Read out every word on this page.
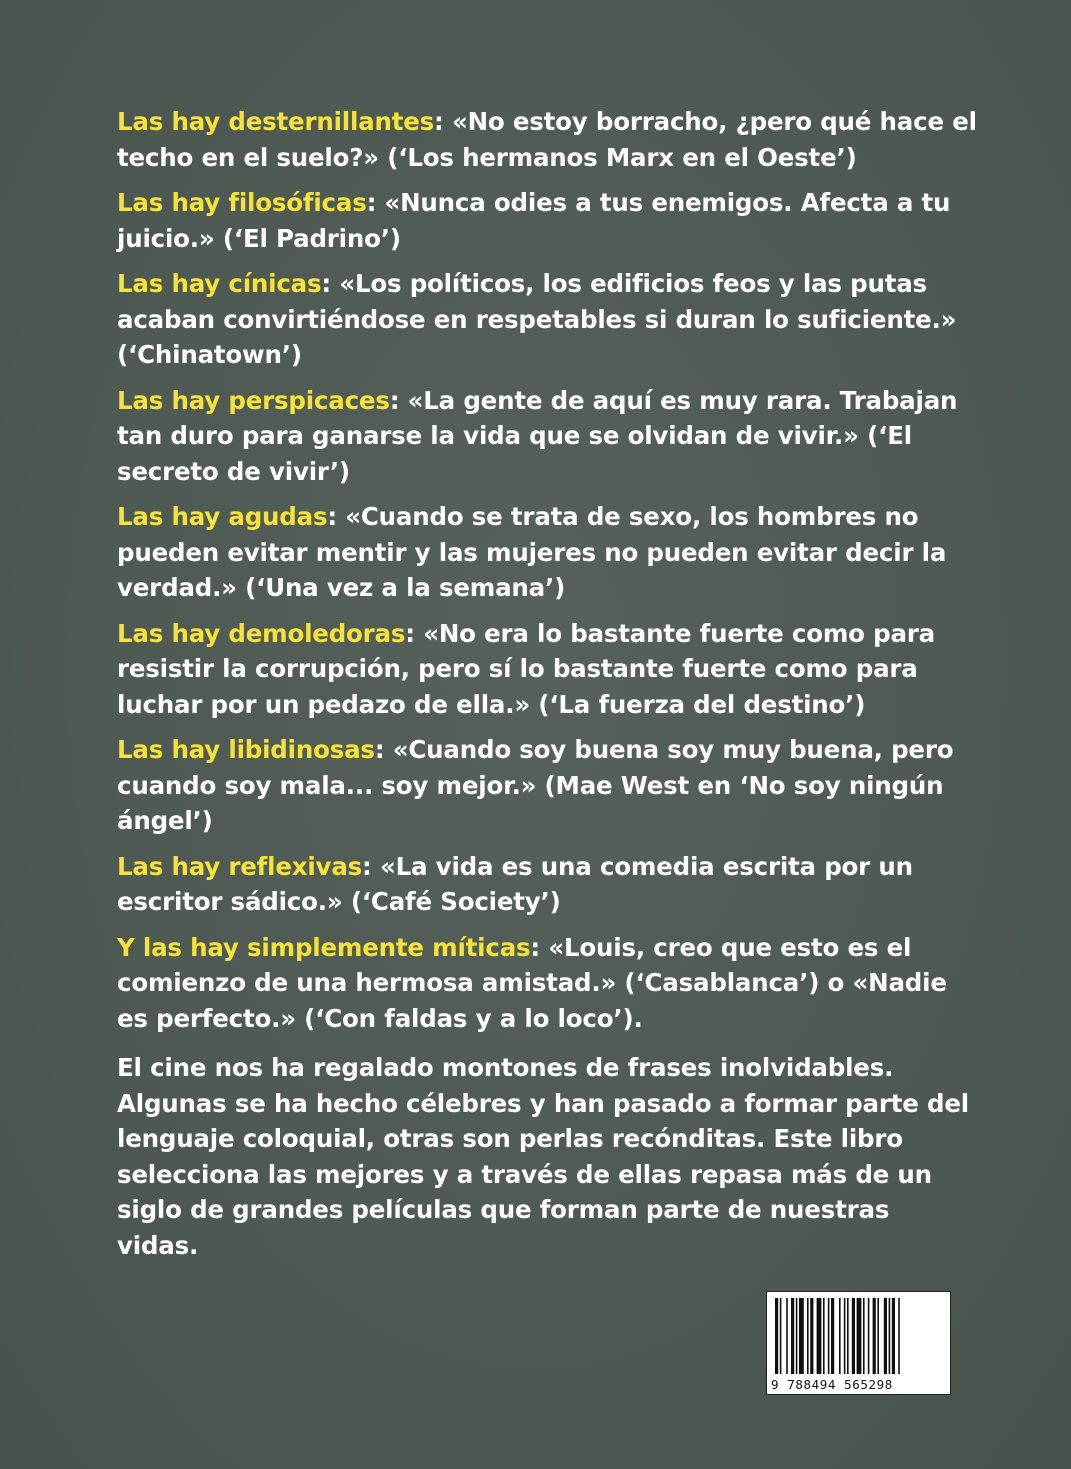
Las hay desternillantes: «No estoy borracho, ¿pero qué hace el techo en el suelo?» (‘Los hermanos Marx en el Oeste’)

Las hay filosóficas: «Nunca odies a tus enemigos. Afecta a tu juicio.» (‘El Padrino’)

Las hay cínicas: «Los políticos, los edificios feos y las putas acaban convirtiéndose en respetables si duran lo suficiente.» (‘Chinatown’)

Las hay perspicaces: «La gente de aquí es muy rara. Trabajan tan duro para ganarse la vida que se olvidan de vivir.» (‘El secreto de vivir’)

Las hay agudas: «Cuando se trata de sexo, los hombres no pueden evitar mentir y las mujeres no pueden evitar decir la verdad.» (‘Una vez a la semana’)

Las hay demoledoras: «No era lo bastante fuerte como para resistir la corrupción, pero sí lo bastante fuerte como para luchar por un pedazo de ella.» (‘La fuerza del destino’)

Las hay libidinosas: «Cuando soy buena soy muy buena, pero cuando soy mala... soy mejor.» (Mae West en ‘No soy ningún ángel’)

Las hay reflexivas: «La vida es una comedia escrita por un escritor sádico.» (‘Café Society’)

Y las hay simplemente míticas: «Louis, creo que esto es el comienzo de una hermosa amistad.» (‘Casablanca’) o «Nadie es perfecto.» (‘Con faldas y a lo loco’).

El cine nos ha regalado montones de frases inolvidables. Algunas se ha hecho célebres y han pasado a formar parte del lenguaje coloquial, otras son perlas recónditas. Este libro selecciona las mejores y a través de ellas repasa más de un siglo de grandes películas que forman parte de nuestras vidas.

9 788494 565298
